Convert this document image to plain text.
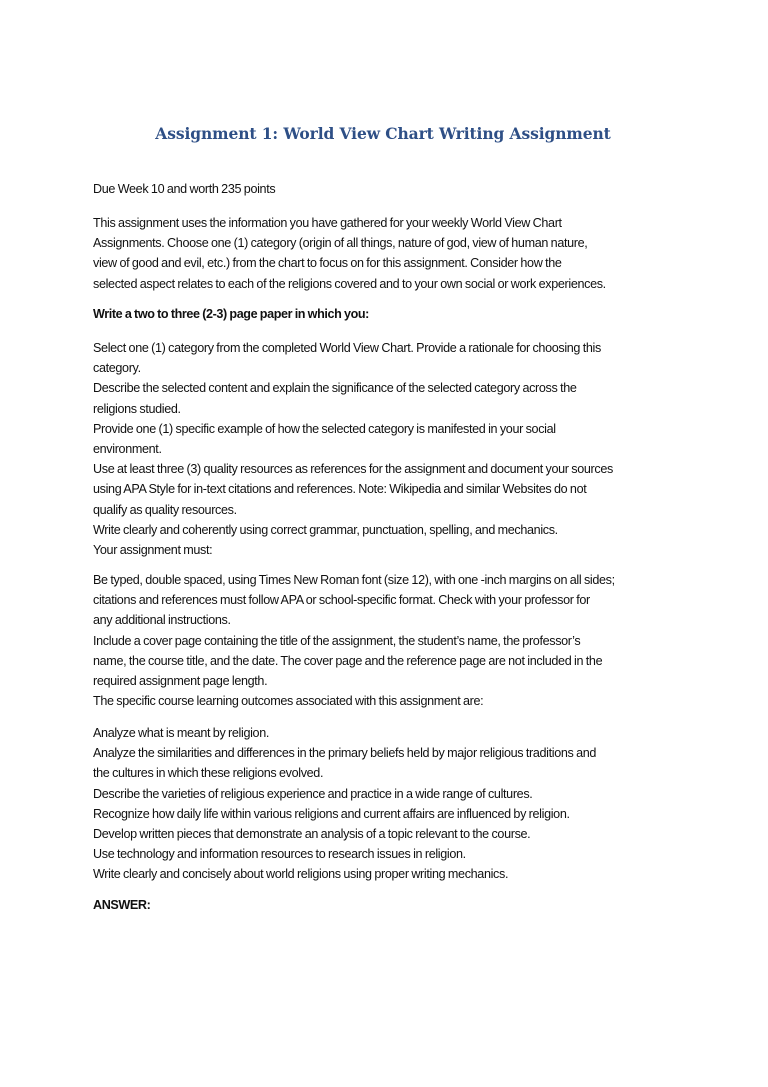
Assignment 1: World View Chart Writing Assignment
Due Week 10 and worth 235 points
This assignment uses the information you have gathered for your weekly World View Chart
Assignments. Choose one (1) category (origin of all things, nature of god, view of human nature,
view of good and evil, etc.) from the chart to focus on for this assignment. Consider how the
selected aspect relates to each of the religions covered and to your own social or work experiences.
Write a two to three (2-3) page paper in which you:
Select one (1) category from the completed World View Chart. Provide a rationale for choosing this
category.
Describe the selected content and explain the significance of the selected category across the
religions studied.
Provide one (1) specific example of how the selected category is manifested in your social
environment.
Use at least three (3) quality resources as references for the assignment and document your sources
using APA Style for in-text citations and references. Note: Wikipedia and similar Websites do not
qualify as quality resources.
Write clearly and coherently using correct grammar, punctuation, spelling, and mechanics.
Your assignment must:
Be typed, double spaced, using Times New Roman font (size 12), with one -inch margins on all sides;
citations and references must follow APA or school-specific format. Check with your professor for
any additional instructions.
Include a cover page containing the title of the assignment, the student’s name, the professor’s
name, the course title, and the date. The cover page and the reference page are not included in the
required assignment page length.
The specific course learning outcomes associated with this assignment are:
Analyze what is meant by religion.
Analyze the similarities and differences in the primary beliefs held by major religious traditions and
the cultures in which these religions evolved.
Describe the varieties of religious experience and practice in a wide range of cultures.
Recognize how daily life within various religions and current affairs are influenced by religion.
Develop written pieces that demonstrate an analysis of a topic relevant to the course.
Use technology and information resources to research issues in religion.
Write clearly and concisely about world religions using proper writing mechanics.
ANSWER:
